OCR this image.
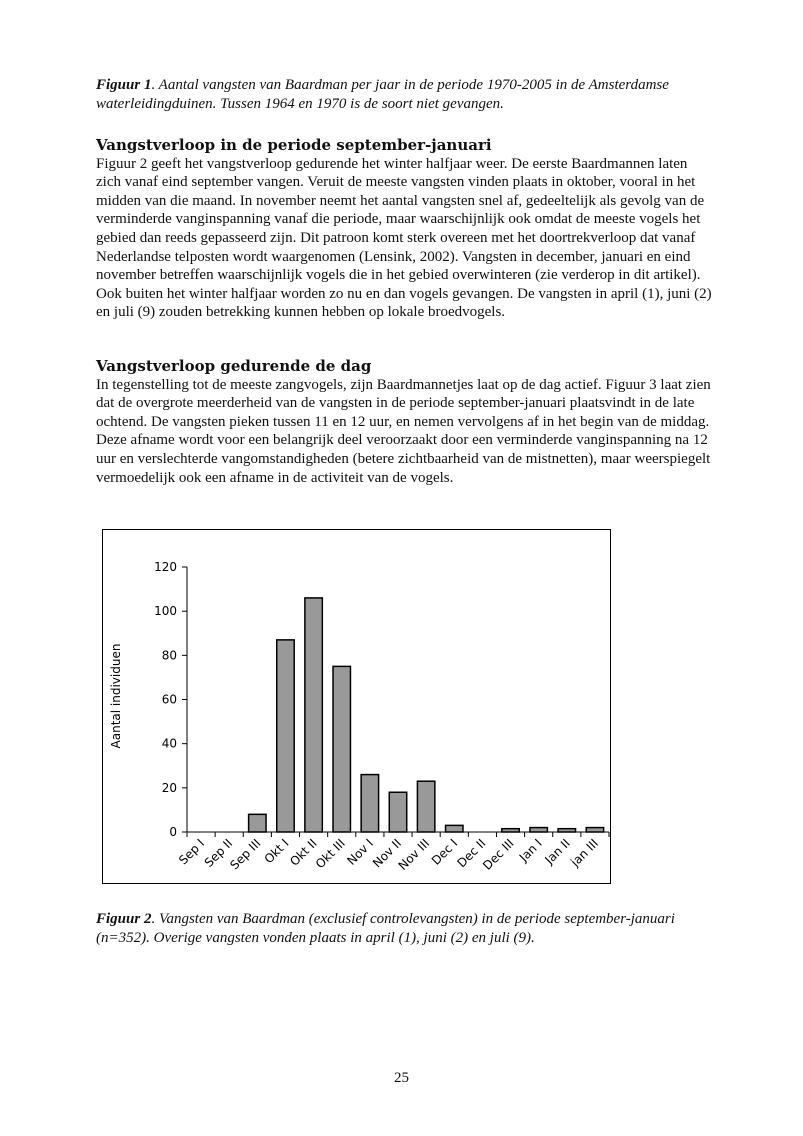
Figuur 1. Aantal vangsten van Baardman per jaar in de periode 1970-2005 in de Amsterdamse waterleidingduinen. Tussen 1964 en 1970 is de soort niet gevangen.
Vangstverloop in de periode september-januari

Figuur 2 geeft het vangstverloop gedurende het winter halfjaar weer. De eerste Baardmannen laten zich vanaf eind september vangen. Veruit de meeste vangsten vinden plaats in oktober, vooral in het midden van die maand. In november neemt het aantal vangsten snel af, gedeeltelijk als gevolg van de verminderde vanginspanning vanaf die periode, maar waarschijnlijk ook omdat de meeste vogels het gebied dan reeds gepasseerd zijn. Dit patroon komt sterk overeen met het doortrekverloop dat vanaf Nederlandse telposten wordt waargenomen (Lensink, 2002). Vangsten in december, januari en eind november betreffen waarschijnlijk vogels die in het gebied overwinteren (zie verderop in dit artikel). Ook buiten het winter halfjaar worden zo nu en dan vogels gevangen. De vangsten in april (1), juni (2) en juli (9) zouden betrekking kunnen hebben op lokale broedvogels.

Vangstverloop gedurende de dag

In tegenstelling tot de meeste zangvogels, zijn Baardmannetjes laat op de dag actief. Figuur 3 laat zien dat de overgrote meerderheid van de vangsten in de periode september-januari plaatsvindt in de late ochtend. De vangsten pieken tussen 11 en 12 uur, en nemen vervolgens af in het begin van de middag. Deze afname wordt voor een belangrijk deel veroorzaakt door een verminderde vanginspanning na 12 uur en verslechterde vangomstandigheden (betere zichtbaarheid van de mistnetten), maar weerspiegelt vermoedelijk ook een afname in de activiteit van de vogels.

0
20
40
60
80
100
120
Sep I
Sep II
Sep III
Okt I
Okt II
Okt III
Nov I
Nov II
Nov III
Dec I
Dec II
Dec III Jan I
Jan II
jan III
Aantal individuen
Figuur 2. Vangsten van Baardman (exclusief controlevangsten) in de periode september-januari (n=352). Overige vangsten vonden plaats in april (1), juni (2) en juli (9).
25
